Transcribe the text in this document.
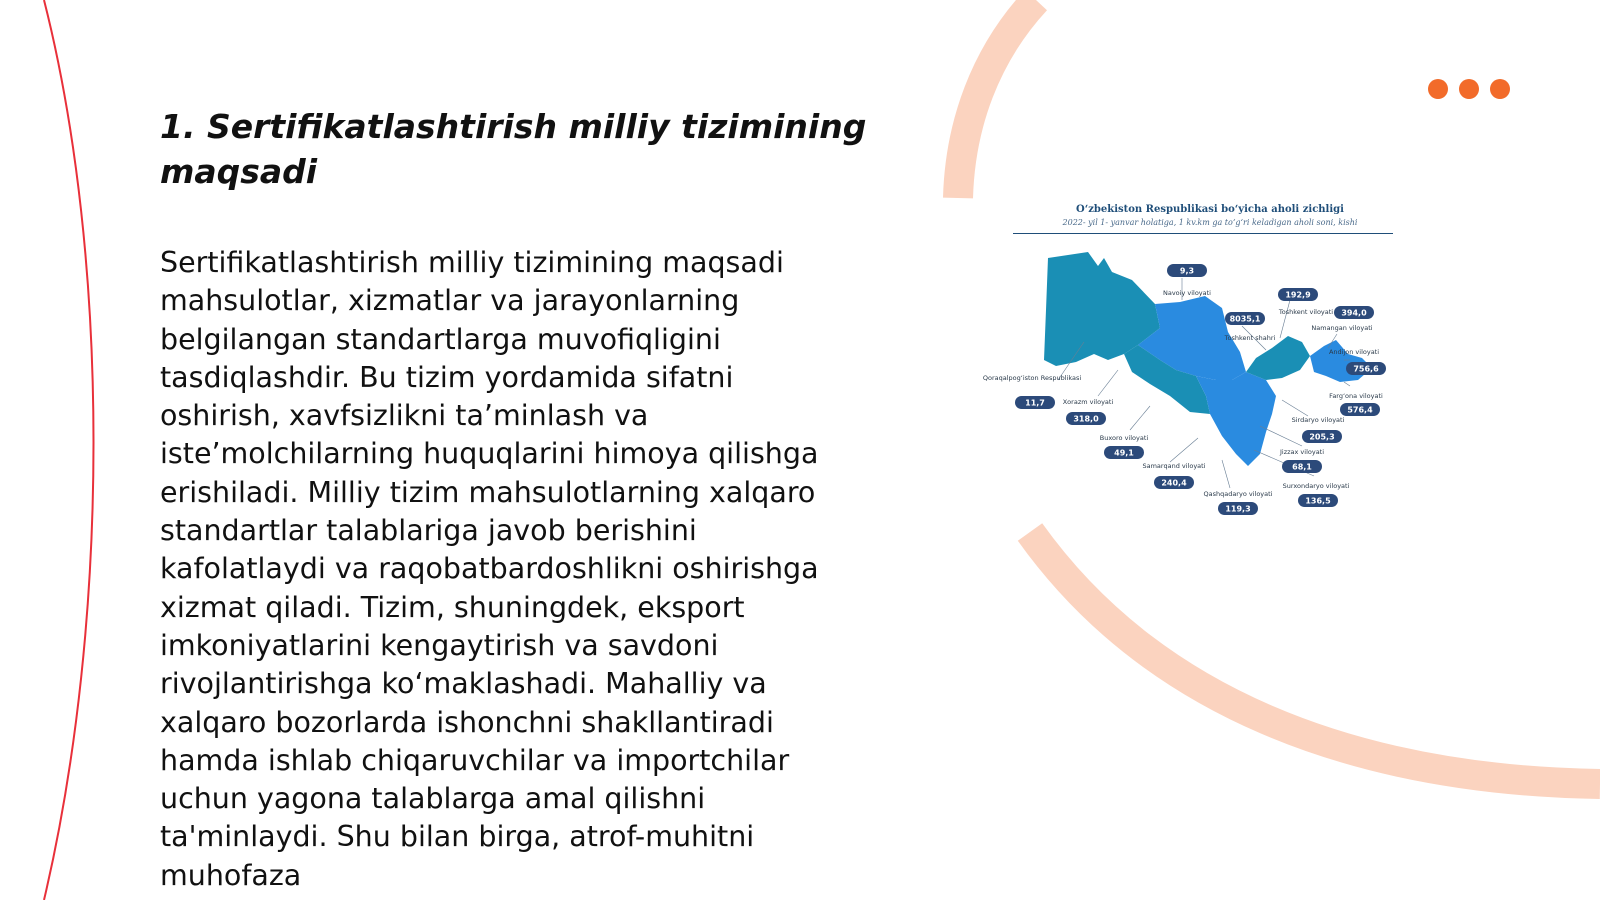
1. Sertifikatlashtirish milliy tizimining maqsadi

Sertifikatlashtirish milliy tizimining maqsadi mahsulotlar, xizmatlar va jarayonlarning belgilangan standartlarga muvofiqligini tasdiqlashdir. Bu tizim yordamida sifatni oshirish, xavfsizlikni ta’minlash va iste’molchilarning huquqlarini himoya qilishga erishiladi. Milliy tizim mahsulotlarning xalqaro standartlar talablariga javob berishini kafolatlaydi va raqobatbardoshlikni oshirishga xizmat qiladi. Tizim, shuningdek, eksport imkoniyatlarini kengaytirish va savdoni rivojlantirishga ko‘maklashadi. Mahalliy va xalqaro bozorlarda ishonchni shakllantiradi hamda ishlab chiqaruvchilar va importchilar uchun yagona talablarga amal qilishni ta'minlaydi. Shu bilan birga, atrof-muhitni muhofaza

O‘zbekiston Respublikasi bo‘yicha aholi zichligi
2022- yil 1- yanvar holatiga, 1 kv.km ga to‘g‘ri keladigan aholi soni, kishi
9,3
Navoiy viloyati	192,9
Toshkent viloyati
8035,1
Toshkent shahri
394,0
Namangan viloyati
Andijon viloyati
756,6
Farg‘ona viloyati
576,4
Qoraqalpog‘iston Respublikasi
11,7	Xorazm viloyati
318,0
Buxoro viloyati
49,1
Sirdaryo viloyati
205,3
Jizzax viloyati
68,1
Samarqand viloyati
240,4	Surxondaryo viloyati
136,5
Qashqadaryo viloyati
119,3
